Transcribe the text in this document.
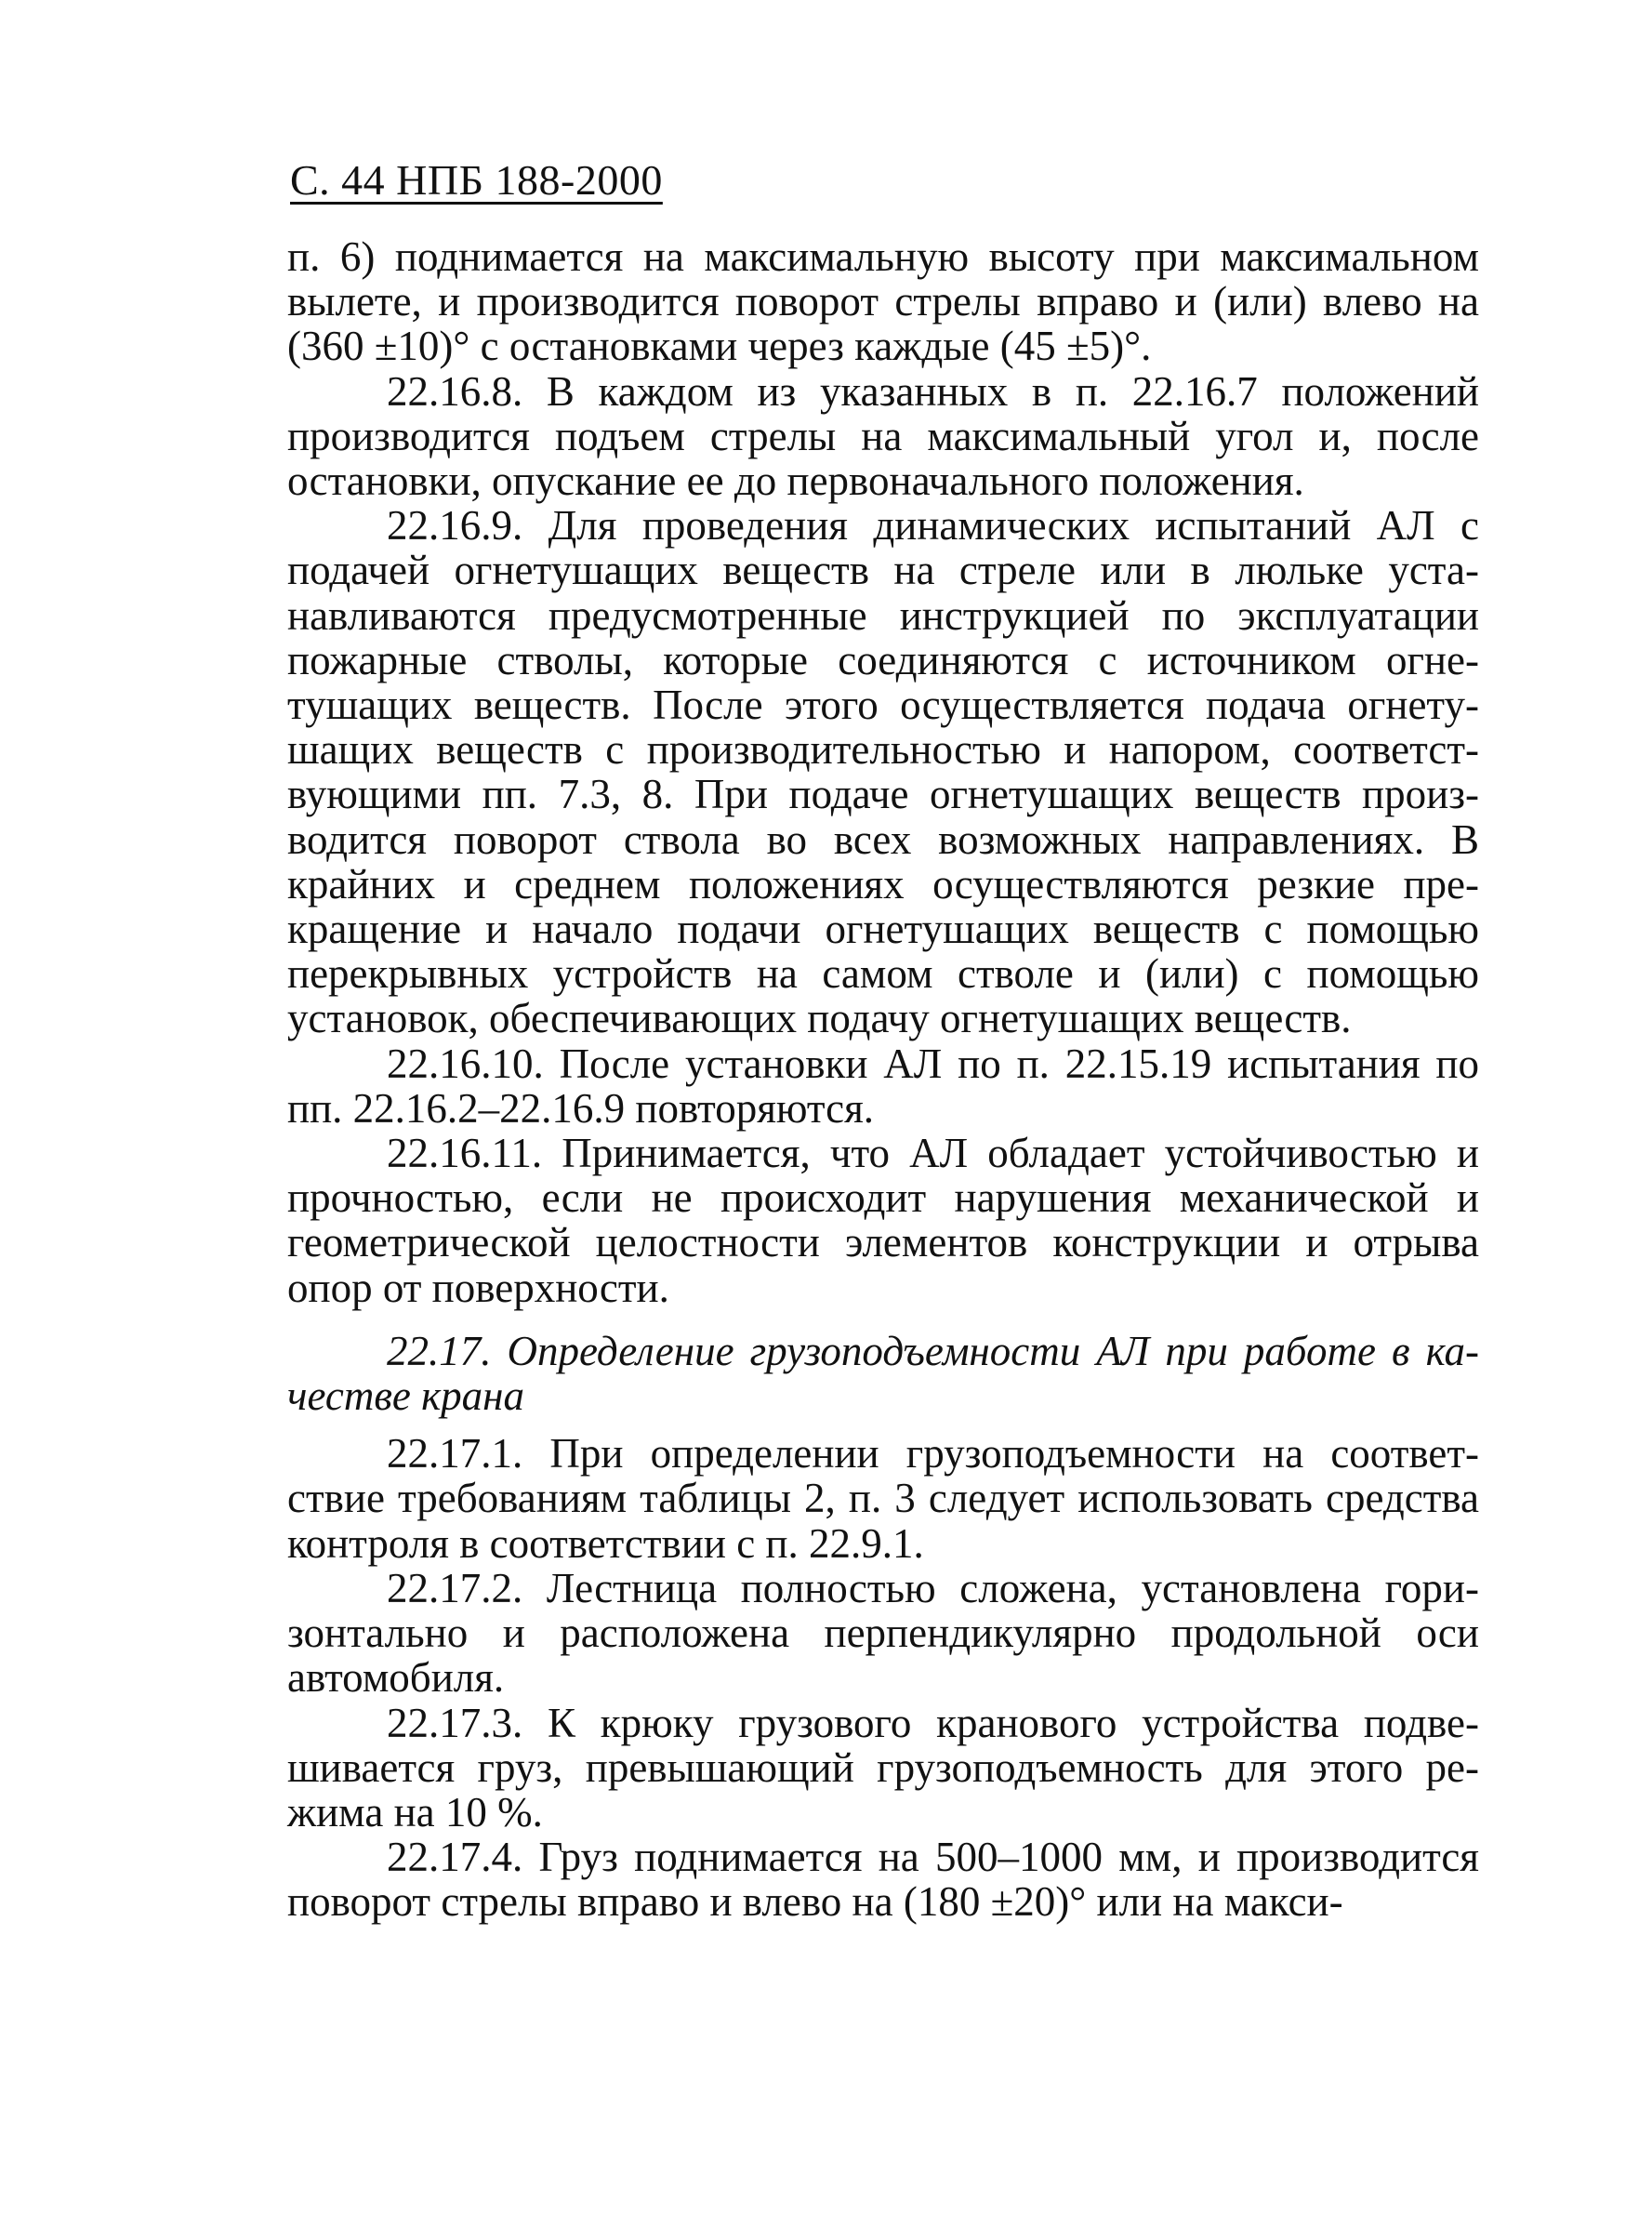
С. 44 НПБ 188-2000

п. 6) поднимается на максимальную высоту при максимальном вылете, и производится поворот стрелы вправо и (или) влево на (360 ±10)° с остановками через каждые (45 ±5)°.

22.16.8. В каждом из указанных в п. 22.16.7 положений производится подъем стрелы на максимальный угол и, после остановки, опускание ее до первоначального положения.

22.16.9. Для проведения динамических испытаний АЛ с подачей огнетушащих веществ на стреле или в люльке устанавливаются предусмотренные инструкцией по эксплуатации пожарные стволы, которые соединяются с источником огнетушащих веществ. После этого осуществляется подача огнетушащих веществ с производительностью и напором, соответствующими пп. 7.3, 8. При подаче огнетушащих веществ производится поворот ствола во всех возможных направлениях. В крайних и среднем положениях осуществляются резкие прекращение и начало подачи огнетушащих веществ с помощью перекрывных устройств на самом стволе и (или) с помощью установок, обеспечивающих подачу огнетушащих веществ.

22.16.10. После установки АЛ по п. 22.15.19 испытания по пп. 22.16.2–22.16.9 повторяются.

22.16.11. Принимается, что АЛ обладает устойчивостью и прочностью, если не происходит нарушения механической и геометрической целостности элементов конструкции и отрыва опор от поверхности.

22.17. Определение грузоподъемности АЛ при работе в качестве крана

22.17.1. При определении грузоподъемности на соответствие требованиям таблицы 2, п. 3 следует использовать средства контроля в соответствии с п. 22.9.1.

22.17.2. Лестница полностью сложена, установлена горизонтально и расположена перпендикулярно продольной оси автомобиля.

22.17.3. К крюку грузового кранового устройства подвешивается груз, превышающий грузоподъемность для этого режима на 10 %.

22.17.4. Груз поднимается на 500–1000 мм, и производится поворот стрелы вправо и влево на (180 ±20)° или на макси-
